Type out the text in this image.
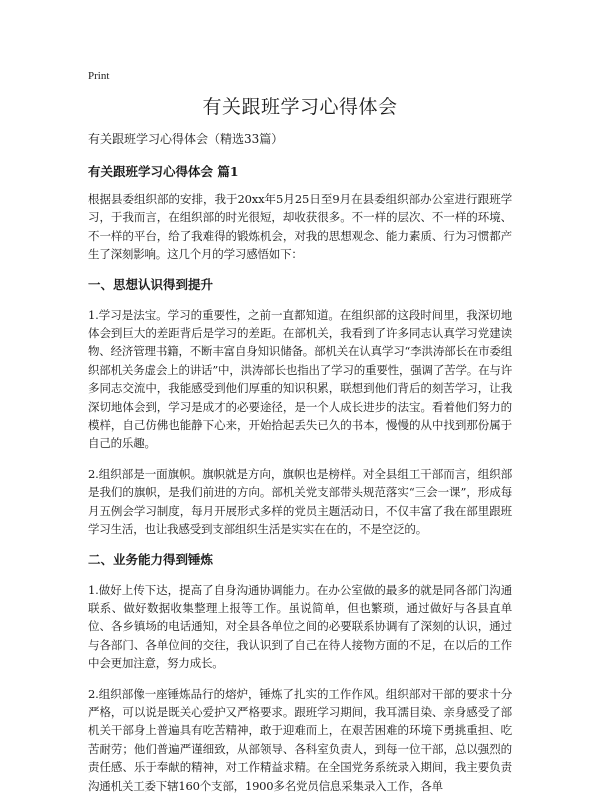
Print
有关跟班学习心得体会

有关跟班学习心得体会（精选33篇）

有关跟班学习心得体会 篇1

根据县委组织部的安排，我于20xx年5月25日至9月在县委组织部办公室进行跟班学习，于我而言，在组织部的时光很短，却收获很多。不一样的层次、不一样的环境、不一样的平台，给了我难得的锻炼机会，对我的思想观念、能力素质、行为习惯都产生了深刻影响。这几个月的学习感悟如下：

一、思想认识得到提升

1.学习是法宝。学习的重要性，之前一直都知道。在组织部的这段时间里，我深切地体会到巨大的差距背后是学习的差距。在部机关，我看到了许多同志认真学习党建读物、经济管理书籍，不断丰富自身知识储备。部机关在认真学习“李洪涛部长在市委组织部机关务虚会上的讲话”中，洪涛部长也指出了学习的重要性，强调了苦学。在与许多同志交流中，我能感受到他们厚重的知识积累，联想到他们背后的刻苦学习，让我深切地体会到，学习是成才的必要途径，是一个人成长进步的法宝。看着他们努力的模样，自己仿佛也能静下心来，开始拾起丢失已久的书本，慢慢的从中找到那份属于自己的乐趣。

2.组织部是一面旗帜。旗帜就是方向，旗帜也是榜样。对全县组工干部而言，组织部是我们的旗帜，是我们前进的方向。部机关党支部带头规范落实“三会一课”，形成每月五例会学习制度，每月开展形式多样的党员主题活动日，不仅丰富了我在部里跟班学习生活，也让我感受到支部组织生活是实实在在的，不是空泛的。

二、业务能力得到锤炼

1.做好上传下达，提高了自身沟通协调能力。在办公室做的最多的就是同各部门沟通联系、做好数据收集整理上报等工作。虽说简单，但也繁琐，通过做好与各县直单位、各乡镇场的电话通知，对全县各单位之间的必要联系协调有了深刻的认识，通过与各部门、各单位间的交往，我认识到了自己在待人接物方面的不足，在以后的工作中会更加注意，努力成长。

2.组织部像一座锤炼品行的熔炉，锤炼了扎实的工作作风。组织部对干部的要求十分严格，可以说是既关心爱护又严格要求。跟班学习期间，我耳濡目染、亲身感受了部机关干部身上普遍具有吃苦精神，敢于迎难而上，在艰苦困难的环境下勇挑重担、吃苦耐劳；他们普遍严谨细致，从部领导、各科室负责人，到每一位干部，总以强烈的责任感、乐于奉献的精神，对工作精益求精。在全国党务系统录入期间，我主要负责沟通机关工委下辖160个支部，1900多名党员信息采集录入工作，各单
